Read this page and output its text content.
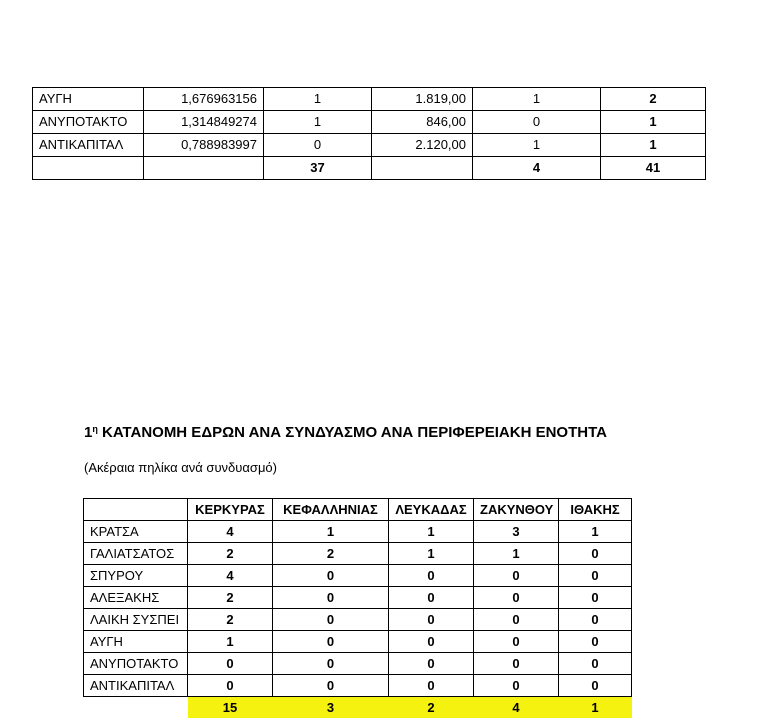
ΑΥΓΗ	1,676963156	1	1.819,00	1	2
ΑΝΥΠΟΤΑΚΤΟ	1,314849274	1	846,00	0	1
ΑΝΤΙΚΑΠΙΤΑΛ	0,788983997	0	2.120,00	1	1
		37		4	41
$1^\eta$ ΚΑΤΑΝΟΜΗ ΕΔΡΩΝ ΑΝΑ ΣΥΝΔΥΑΣΜΟ ΑΝΑ ΠΕΡΙΦΕΡΕΙΑΚΗ ΕΝΟΤΗΤΑ
(Ακέραια πηλίκα ανά συνδυασμό)
	ΚΕΡΚΥΡΑΣ	ΚΕΦΑΛΛΗΝΙΑΣ	ΛΕΥΚΑΔΑΣ	ΖΑΚΥΝΘΟΥ	ΙΘΑΚΗΣ
ΚΡΑΤΣΑ	4	1	1	3	1
ΓΑΛΙΑΤΣΑΤΟΣ	2	2	1	1	0
ΣΠΥΡΟΥ	4	0	0	0	0
ΑΛΕΞΑΚΗΣ	2	0	0	0	0
ΛΑΙΚΗ ΣΥΣΠΕΙ	2	0	0	0	0
ΑΥΓΗ	1	0	0	0	0
ΑΝΥΠΟΤΑΚΤΟ	0	0	0	0	0
ΑΝΤΙΚΑΠΙΤΑΛ	0	0	0	0	0
	15	3	2	4	1
